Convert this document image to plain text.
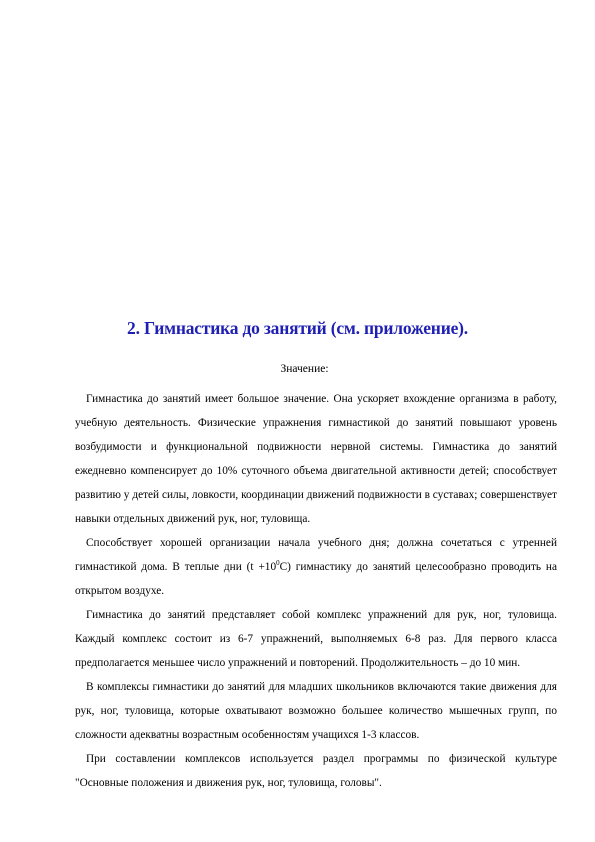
2. Гимнастика до занятий (см. приложение).
Значение:

Гимнастика до занятий имеет большое значение. Она ускоряет вхождение организма в работу, учебную деятельность. Физические упражнения гимнастикой до занятий повышают уровень возбудимости и функциональной подвижности нервной системы. Гимнастика до занятий ежедневно компенсирует до 10% суточного объема двигательной активности детей; способствует развитию у детей силы, ловкости, координации движений подвижности в суставах; совершенствует навыки отдельных движений рук, ног, туловища.

Способствует хорошей организации начала учебного дня; должна сочетаться с утренней гимнастикой дома. В теплые дни $(t +10^0С)$ гимнастику до занятий целесообразно проводить на открытом воздухе.

Гимнастика до занятий представляет собой комплекс упражнений для рук, ног, туловища. Каждый комплекс состоит из 6-7 упражнений, выполняемых 6-8 раз. Для первого класса предполагается меньшее число упражнений и повторений. Продолжительность – до 10 мин.

В комплексы гимнастики до занятий для младших школьников включаются такие движения для рук, ног, туловища, которые охватывают возможно большее количество мышечных групп, по сложности адекватны возрастным особенностям учащихся 1-3 классов.

При составлении комплексов используется раздел программы по физической культуре "Основные положения и движения рук, ног, туловища, головы".
